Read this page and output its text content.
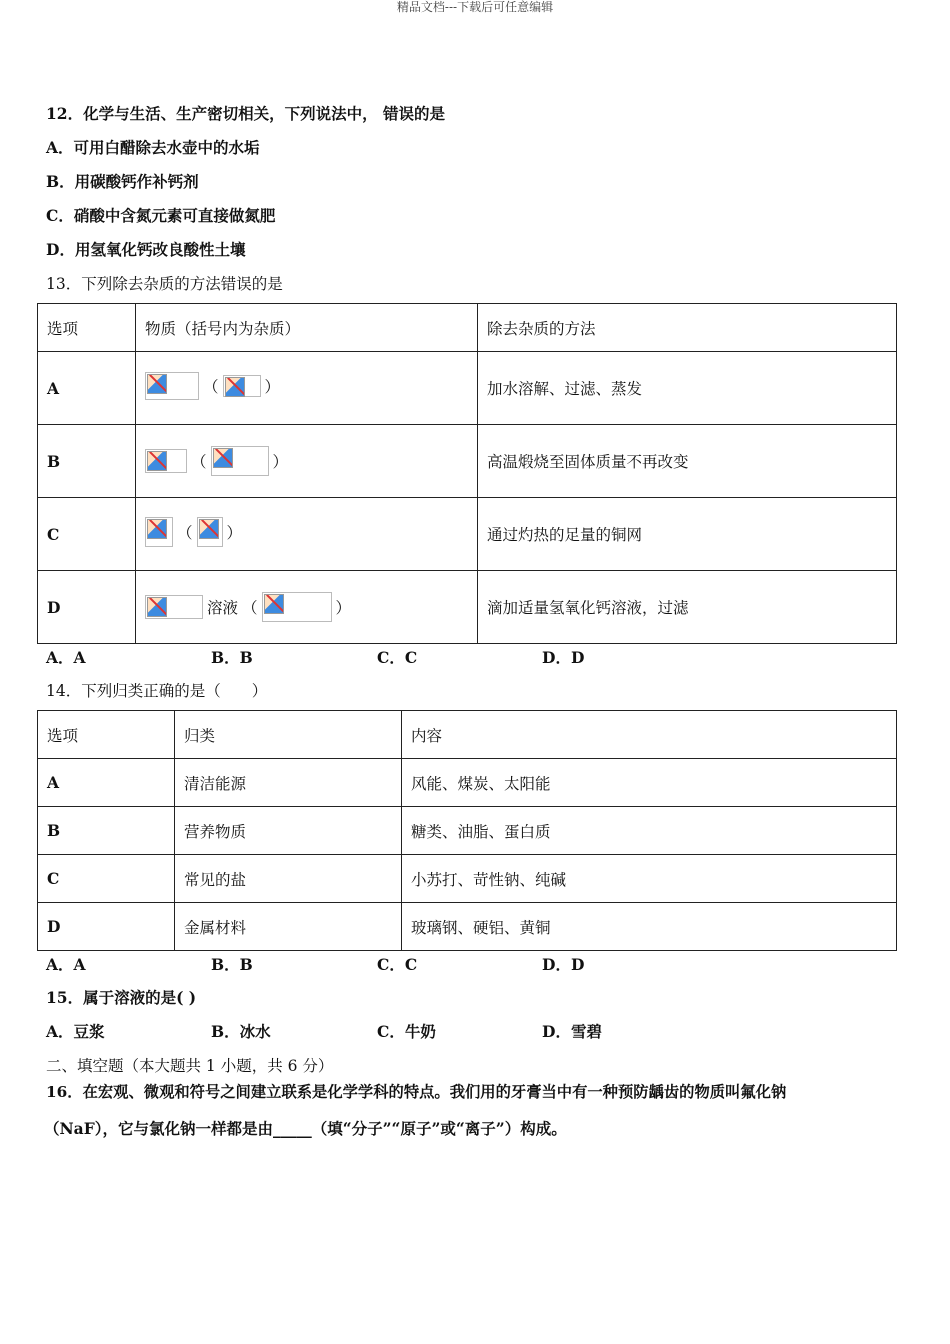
精品文档---下载后可任意编辑
12．化学与生活、生产密切相关，下列说法中， 错误的是
A．可用白醋除去水壶中的水垢
B．用碳酸钙作补钙剂
C．硝酸中含氮元素可直接做氮肥
D．用氢氧化钙改良酸性土壤
13．下列除去杂质的方法错误的是
选项	物质（括号内为杂质）	除去杂质的方法
A	（ ）	加水溶解、过滤、蒸发
B	（ ）	高温煅烧至固体质量不再改变
C	（ ）	通过灼热的足量的铜网
D	溶液 （ ）	滴加适量氢氧化钙溶液，过滤
A．A	B．B	C．C	D．D
14．下列归类正确的是（　　）
选项	归类	内容
A	清洁能源	风能、煤炭、太阳能
B	营养物质	糖类、油脂、蛋白质
C	常见的盐	小苏打、苛性钠、纯碱
D	金属材料	玻璃钢、硬铝、黄铜
A．A	B．B	C．C	D．D
15．属于溶液的是( )
A．豆浆	B．冰水	C．牛奶	D．雪碧
二、填空题（本大题共 1 小题，共 6 分）
16．在宏观、微观和符号之间建立联系是化学学科的特点。我们用的牙膏当中有一种预防龋齿的物质叫氟化钠
（NaF），它与氯化钠一样都是由_____（填“分子”“原子”或“离子”）构成。
